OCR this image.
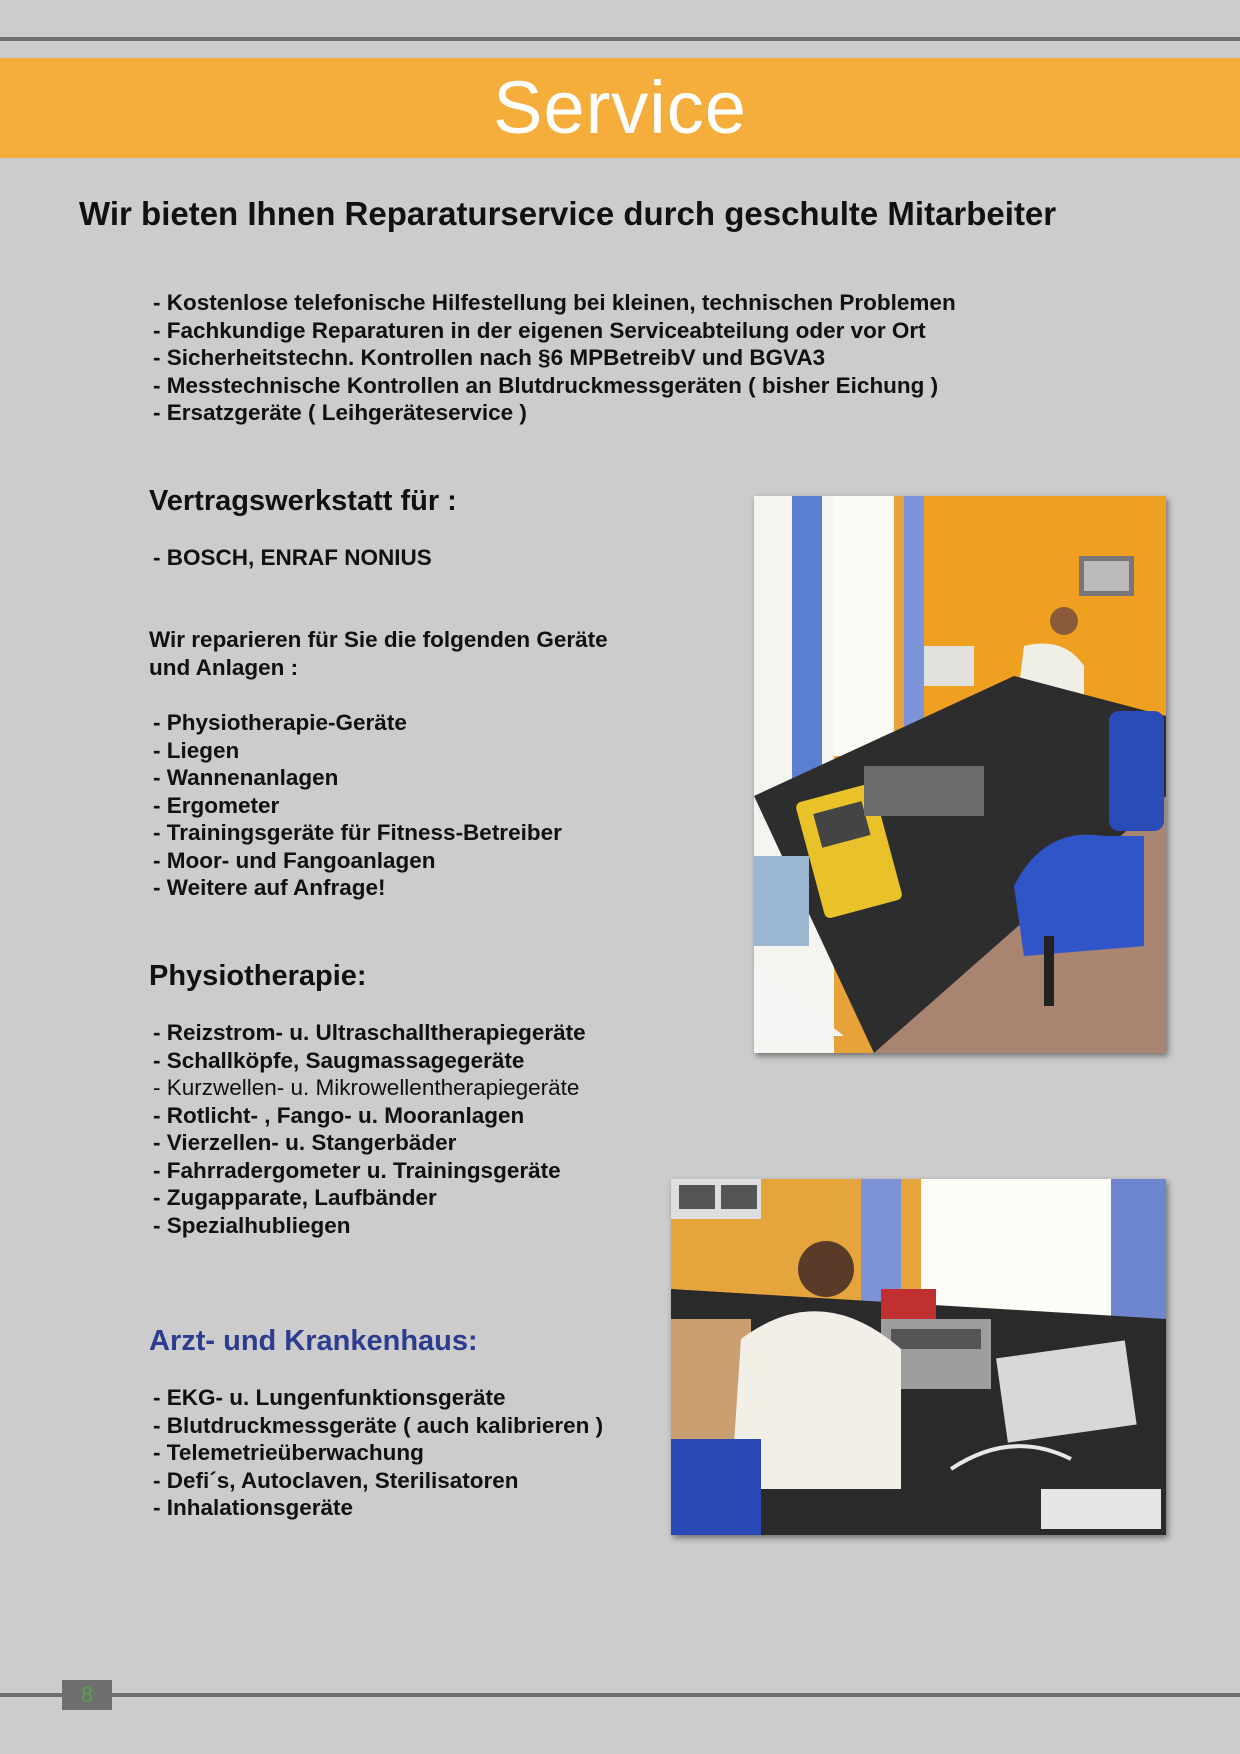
Service
Wir bieten Ihnen Reparaturservice durch geschulte Mitarbeiter
- Kostenlose telefonische Hilfestellung bei kleinen, technischen Problemen
- Fachkundige Reparaturen in der eigenen Serviceabteilung oder vor Ort
- Sicherheitstechn. Kontrollen nach §6 MPBetreibV und BGVA3
- Messtechnische Kontrollen an Blutdruckmessgeräten ( bisher Eichung )
- Ersatzgeräte ( Leihgeräteservice )
Vertragswerkstatt für :
- BOSCH, ENRAF NONIUS

Wir reparieren für Sie die folgenden Geräte
und Anlagen :

- Physiotherapie-Geräte
- Liegen
- Wannenanlagen
- Ergometer
- Trainingsgeräte für Fitness-Betreiber
- Moor- und Fangoanlagen
- Weitere auf Anfrage!
Physiotherapie:
- Reizstrom- u. Ultraschalltherapiegeräte
- Schallköpfe, Saugmassagegeräte
- Kurzwellen- u. Mikrowellentherapiegeräte
- Rotlicht- , Fango- u. Mooranlagen
- Vierzellen- u. Stangerbäder
- Fahrradergometer u. Trainingsgeräte
- Zugapparate, Laufbänder
- Spezialhubliegen
Arzt- und Krankenhaus:
- EKG- u. Lungenfunktionsgeräte
- Blutdruckmessgeräte ( auch kalibrieren )
- Telemetrieüberwachung
- Defi´s, Autoclaven, Sterilisatoren
- Inhalationsgeräte
8
